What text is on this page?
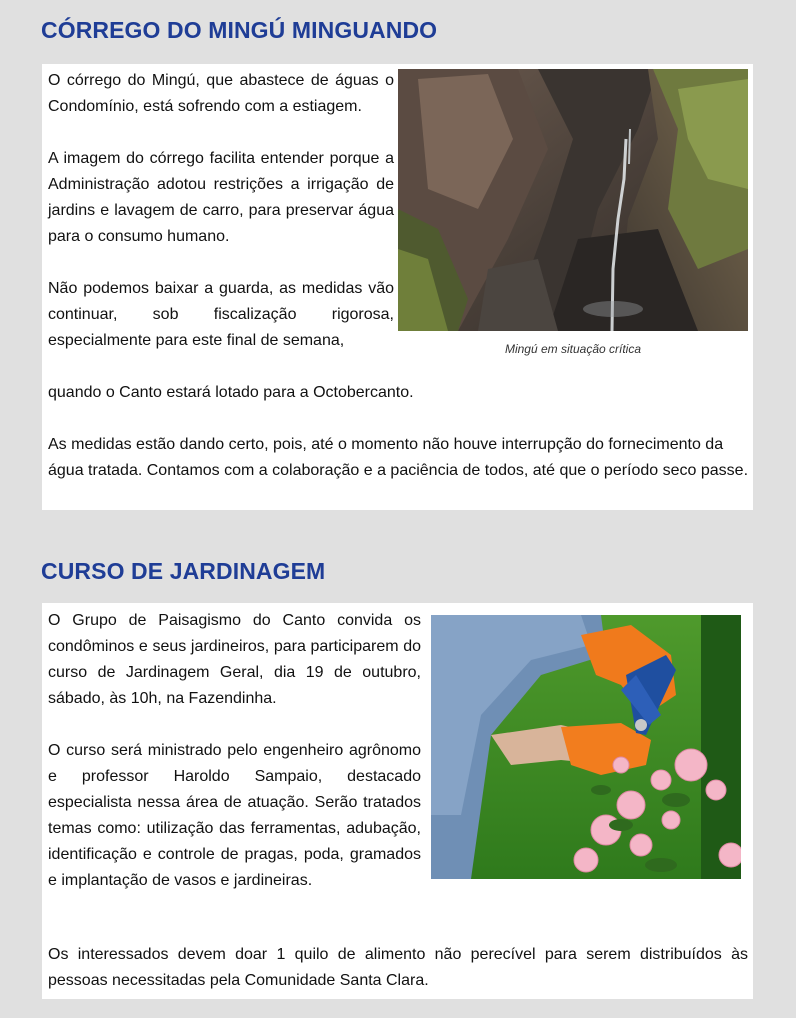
CÓRREGO DO MINGÚ MINGUANDO

O córrego do Mingú, que abastece de águas o Condomínio, está sofrendo com a estiagem.

A imagem do córrego facilita entender porque a Administração adotou restrições a irrigação de jardins e lavagem de carro, para preservar água para o consumo humano.

Não podemos baixar a guarda, as medidas vão continuar, sob fiscalização rigorosa, especialmente para este final de semana,

quando o Canto estará lotado para a Octobercanto.

As medidas estão dando certo, pois, até o momento não houve interrupção do fornecimento da água tratada. Contamos com a colaboração e a paciência de todos, até que o período seco passe.

Mingú em situação crítica
CURSO DE JARDINAGEM

O Grupo de Paisagismo do Canto convida os condôminos e seus jardineiros, para participarem do curso de Jardinagem Geral, dia 19 de outubro, sábado, às 10h, na Fazendinha.

O curso será ministrado pelo engenheiro agrônomo e professor Haroldo Sampaio, destacado especialista nessa área de atuação. Serão tratados temas como: utilização das ferramentas, adubação, identificação e controle de pragas, poda, gramados e implantação de vasos e jardineiras.

Os interessados devem doar 1 quilo de alimento não perecível para serem distribuídos às pessoas necessitadas pela Comunidade Santa Clara.
